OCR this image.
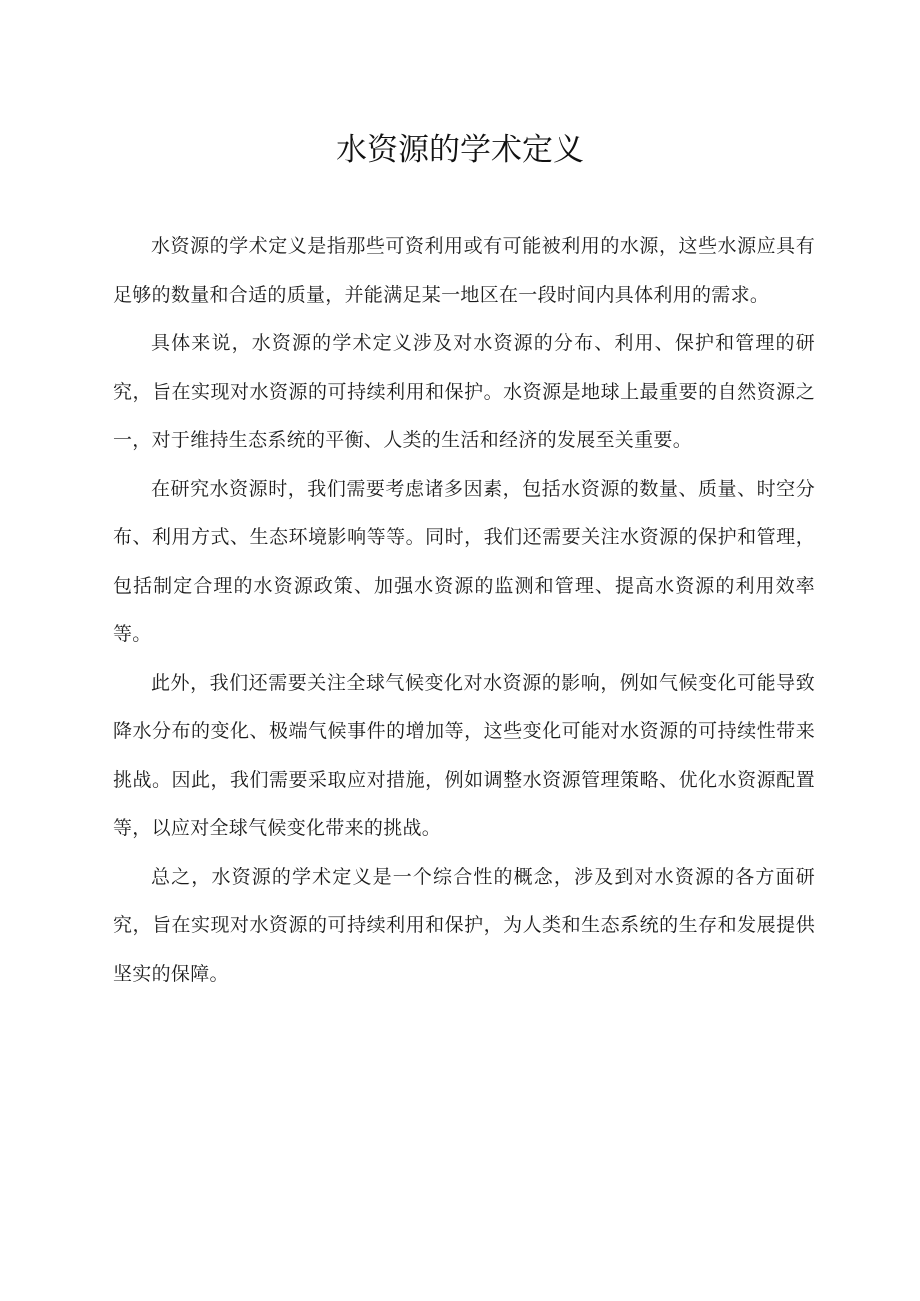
水资源的学术定义

水资源的学术定义是指那些可资利用或有可能被利用的水源，这些水源应具有足够的数量和合适的质量，并能满足某一地区在一段时间内具体利用的需求。

具体来说，水资源的学术定义涉及对水资源的分布、利用、保护和管理的研究，旨在实现对水资源的可持续利用和保护。水资源是地球上最重要的自然资源之一，对于维持生态系统的平衡、人类的生活和经济的发展至关重要。

在研究水资源时，我们需要考虑诸多因素，包括水资源的数量、质量、时空分布、利用方式、生态环境影响等等。同时，我们还需要关注水资源的保护和管理，包括制定合理的水资源政策、加强水资源的监测和管理、提高水资源的利用效率等。

此外，我们还需要关注全球气候变化对水资源的影响，例如气候变化可能导致降水分布的变化、极端气候事件的增加等，这些变化可能对水资源的可持续性带来挑战。因此，我们需要采取应对措施，例如调整水资源管理策略、优化水资源配置等，以应对全球气候变化带来的挑战。

总之，水资源的学术定义是一个综合性的概念，涉及到对水资源的各方面研究，旨在实现对水资源的可持续利用和保护，为人类和生态系统的生存和发展提供坚实的保障。
